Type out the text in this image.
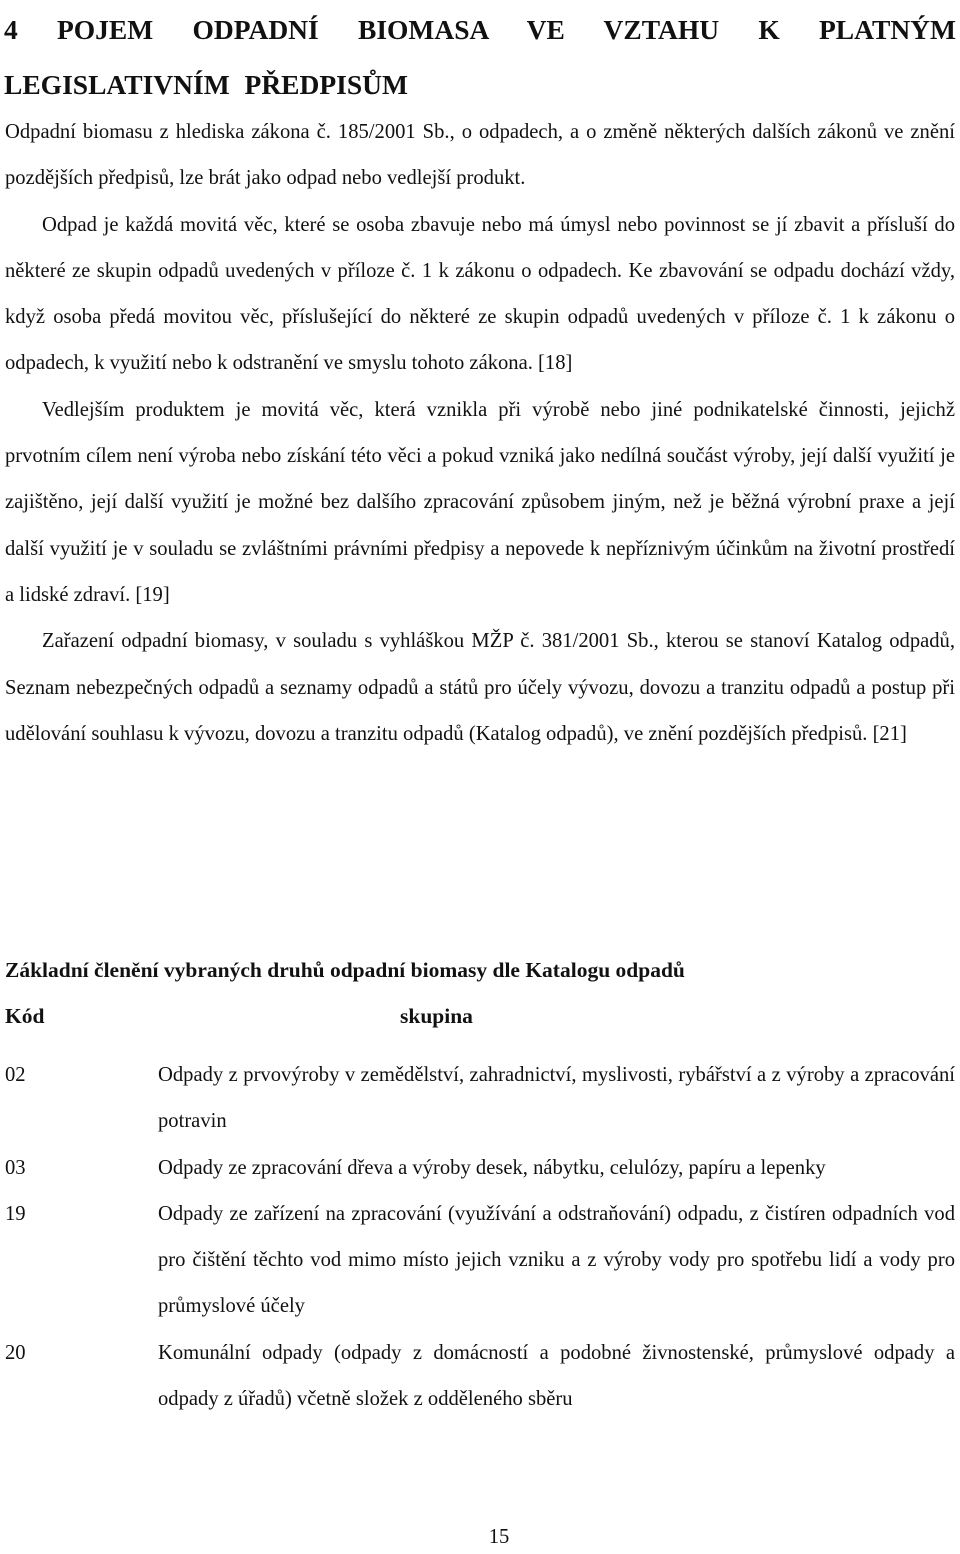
4 POJEM ODPADNÍ BIOMASA VE VZTAHU K PLATNÝM LEGISLATIVNÍM PŘEDPISŮM

Odpadní biomasu z hlediska zákona č. 185/2001 Sb., o odpadech, a o změně některých dalších zákonů ve znění pozdějších předpisů, lze brát jako odpad nebo vedlejší produkt.

Odpad je každá movitá věc, které se osoba zbavuje nebo má úmysl nebo povinnost se jí zbavit a přísluší do některé ze skupin odpadů uvedených v příloze č. 1 k zákonu o odpadech. Ke zbavování se odpadu dochází vždy, když osoba předá movitou věc, příslušející do některé ze skupin odpadů uvedených v příloze č. 1 k zákonu o odpadech, k využití nebo k odstranění ve smyslu tohoto zákona. [18]

Vedlejším produktem je movitá věc, která vznikla při výrobě nebo jiné podnikatelské činnosti, jejichž prvotním cílem není výroba nebo získání této věci a pokud vzniká jako nedílná součást výroby, její další využití je zajištěno, její další využití je možné bez dalšího zpracování způsobem jiným, než je běžná výrobní praxe a její další využití je v souladu se zvláštními právními předpisy a nepovede k nepříznivým účinkům na životní prostředí a lidské zdraví. [19]

Zařazení odpadní biomasy, v souladu s vyhláškou MŽP č. 381/2001 Sb., kterou se stanoví Katalog odpadů, Seznam nebezpečných odpadů a seznamy odpadů a států pro účely vývozu, dovozu a tranzitu odpadů a postup při udělování souhlasu k vývozu, dovozu a tranzitu odpadů (Katalog odpadů), ve znění pozdějších předpisů. [21]

Základní členění vybraných druhů odpadní biomasy dle Katalogu odpadů
Kód	skupina
02	Odpady z prvovýroby v zemědělství, zahradnictví, myslivosti, rybářství a z výroby a zpracování potravin
03	Odpady ze zpracování dřeva a výroby desek, nábytku, celulózy, papíru a lepenky
19	Odpady ze zařízení na zpracování (využívání a odstraňování) odpadu, z čistíren odpadních vod pro čištění těchto vod mimo místo jejich vzniku a z výroby vody pro spotřebu lidí a vody pro průmyslové účely
20	Komunální odpady (odpady z domácností a podobné živnostenské, průmyslové odpady a odpady z úřadů) včetně složek z odděleného sběru
15
